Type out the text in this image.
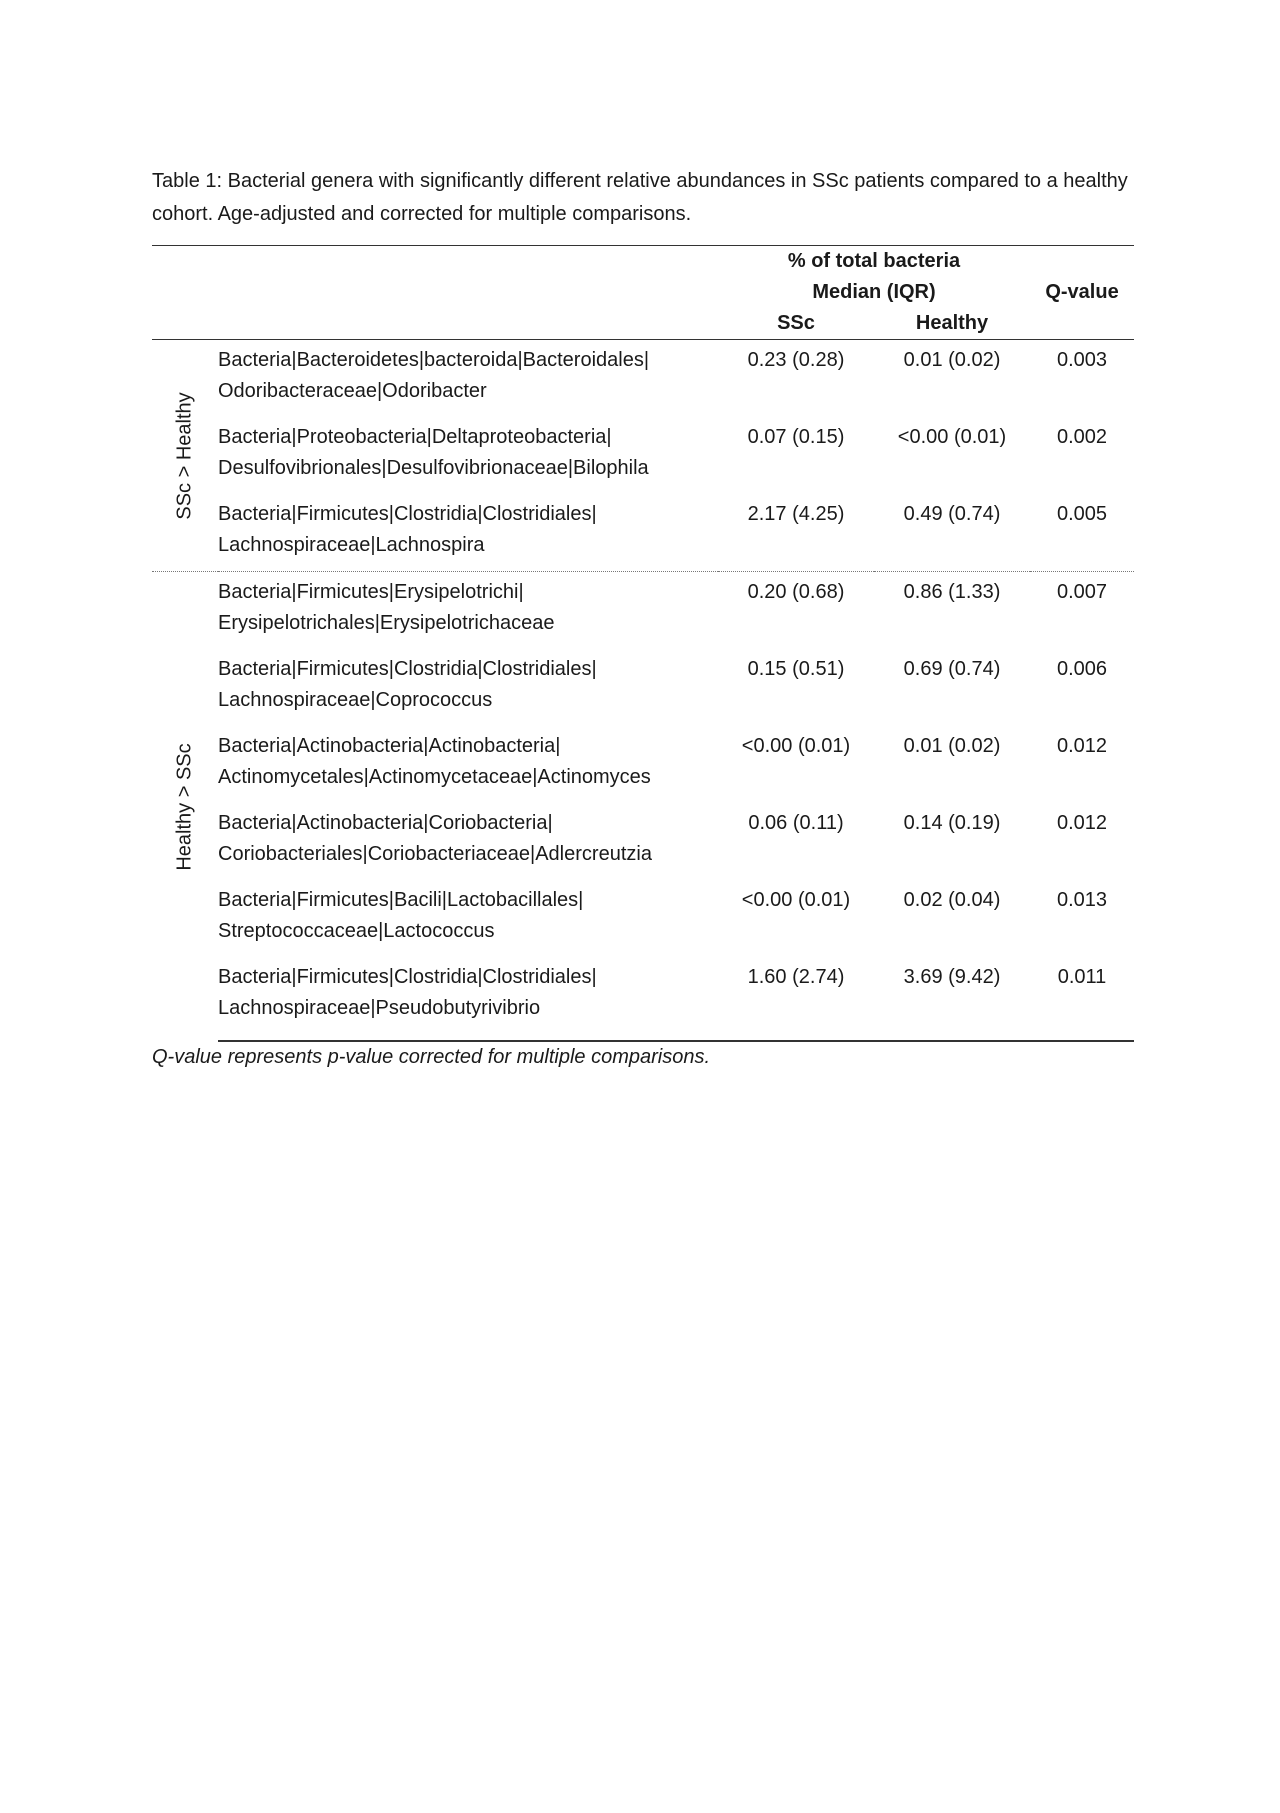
Table 1: Bacterial genera with significantly different relative abundances in SSc patients compared to a healthy cohort. Age-adjusted and corrected for multiple comparisons.

		% of total bacteria		
		Median (IQR)		Q-value
		SSc	Healthy	

SSc > Healthy	Bacteria|Bacteroidetes|bacteroida|Bacteroidales|
Odoribacteraceae|Odoribacter	0.23 (0.28)	0.01 (0.02)	0.003
	Bacteria|Proteobacteria|Deltaproteobacteria|
Desulfovibrionales|Desulfovibrionaceae|Bilophila	0.07 (0.15)	<0.00 (0.01)	0.002
	Bacteria|Firmicutes|Clostridia|Clostridiales|
Lachnospiraceae|Lachnospira	2.17 (4.25)	0.49 (0.74)	0.005

Healthy > SSc	Bacteria|Firmicutes|Erysipelotrichi|
Erysipelotrichales|Erysipelotrichaceae	0.20 (0.68)	0.86 (1.33)	0.007
	Bacteria|Firmicutes|Clostridia|Clostridiales|
Lachnospiraceae|Coprococcus	0.15 (0.51)	0.69 (0.74)	0.006
	Bacteria|Actinobacteria|Actinobacteria|
Actinomycetales|Actinomycetaceae|Actinomyces	<0.00 (0.01)	0.01 (0.02)	0.012
	Bacteria|Actinobacteria|Coriobacteria|
Coriobacteriales|Coriobacteriaceae|Adlercreutzia	0.06 (0.11)	0.14 (0.19)	0.012
	Bacteria|Firmicutes|Bacili|Lactobacillales|
Streptococcaceae|Lactococcus	<0.00 (0.01)	0.02 (0.04)	0.013
	Bacteria|Firmicutes|Clostridia|Clostridiales|
Lachnospiraceae|Pseudobutyrivibrio	1.60 (2.74)	3.69 (9.42)	0.011
Q-value represents p-value corrected for multiple comparisons.
